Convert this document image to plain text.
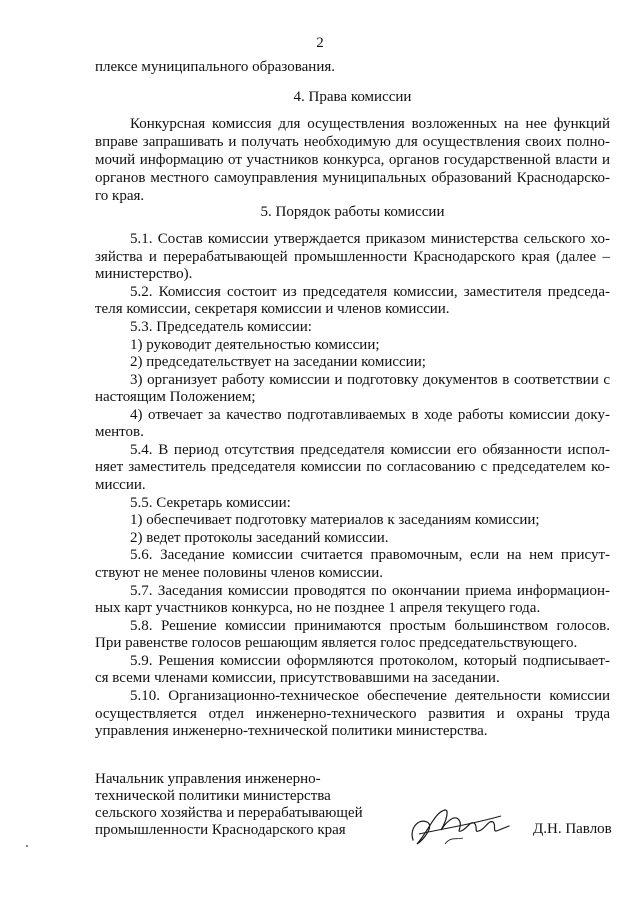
2
плексе муниципального образования.
4. Права комиссии
Конкурсная комиссия для осуществления возложенных на нее функций
вправе запрашивать и получать необходимую для осуществления своих полно-
мочий информацию от участников конкурса, органов государственной власти и
органов местного самоуправления муниципальных образований Краснодарско-
го края.
5. Порядок работы комиссии
5.1. Состав комиссии утверждается приказом министерства сельского хо-
зяйства и перерабатывающей промышленности Краснодарского края (далее –
министерство).
5.2. Комиссия состоит из председателя комиссии, заместителя председа-
теля комиссии, секретаря комиссии и членов комиссии.
5.3. Председатель комиссии:
1) руководит деятельностью комиссии;
2) председательствует на заседании комиссии;
3) организует работу комиссии и подготовку документов в соответствии с
настоящим Положением;
4) отвечает за качество подготавливаемых в ходе работы комиссии доку-
ментов.
5.4. В период отсутствия председателя комиссии его обязанности испол-
няет заместитель председателя комиссии по согласованию с председателем ко-
миссии.
5.5. Секретарь комиссии:
1) обеспечивает подготовку материалов к заседаниям комиссии;
2) ведет протоколы заседаний комиссии.
5.6. Заседание комиссии считается правомочным, если на нем присут-
ствуют не менее половины членов комиссии.
5.7. Заседания комиссии проводятся по окончании приема информацион-
ных карт участников конкурса, но не позднее 1 апреля текущего года.
5.8. Решение комиссии принимаются простым большинством голосов.
При равенстве голосов решающим является голос председательствующего.
5.9. Решения комиссии оформляются протоколом, который подписывает-
ся всеми членами комиссии, присутствовавшими на заседании.
5.10. Организационно-техническое обеспечение деятельности комиссии
осуществляется отдел инженерно-технического развития и охраны труда
управления инженерно-технической политики министерства.
Начальник управления инженерно-
технической политики министерства
сельского хозяйства и перерабатывающей
промышленности Краснодарского края	Д.Н. Павлов
